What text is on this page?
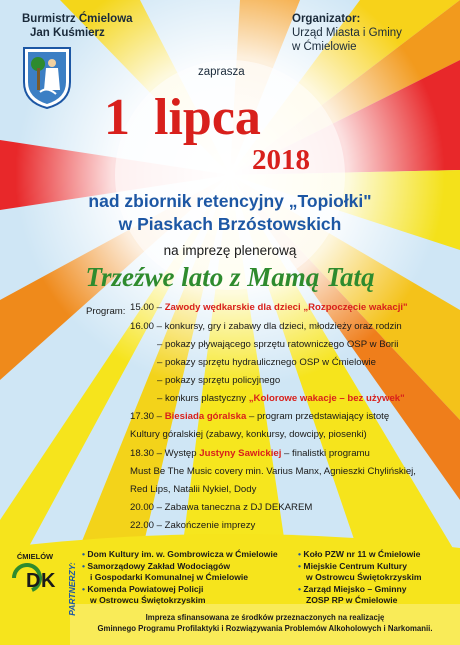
Burmistrz Ćmielowa
Jan Kuśmierz
Organizator:
Urząd Miasta i Gminy
w Ćmielowie
zaprasza
1 lipca
2018
nad zbiornik retencyjny „Topiołki"
w Piaskach Brzóstowskich
na imprezę plenerową
Trzeźwe lato z Mamą Tatą
Program: 15.00 – Zawody wędkarskie dla dzieci „Rozpoczęcie wakacji"
16.00 – konkursy, gry i zabawy dla dzieci, młodzieży oraz rodzin
– pokazy pływającego sprzętu ratowniczego OSP w Borii
– pokazy sprzętu hydraulicznego OSP w Ćmielowie
– pokazy sprzętu policyjnego
– konkurs plastyczny „Kolorowe wakacje – bez używek"
17.30 – Biesiada góralska – program przedstawiający istotę
Kultury góralskiej (zabawy, konkursy, dowcipy, piosenki)
18.30 – Występ Justyny Sawickiej – finalistki programu
Must Be The Music covery min. Varius Manx, Agnieszki Chylińskiej,
Red Lips, Natalii Nykiel, Dody
20.00 – Zabawa taneczna z DJ DEKAREM
22.00 – Zakończenie imprezy
ĆMIELÓW
D K PARTNERZY:
• Dom Kultury im. w. Gombrowicza w Ćmielowie
• Samorządowy Zakład Wodociągów
i Gospodarki Komunalnej w Ćmielowie
• Komenda Powiatowej Policji
w Ostrowcu Świętokrzyskim
• Koło PZW nr 11 w Ćmielowie
• Miejskie Centrum Kultury
w Ostrowcu Świętokrzyskim
• Zarząd Miejsko – Gminny
ZOSP RP w Ćmielowie
Impreza sfinansowana ze środków przeznaczonych na realizację
Gminnego Programu Profilaktyki i Rozwiązywania Problemów Alkoholowych i Narkomanii.
